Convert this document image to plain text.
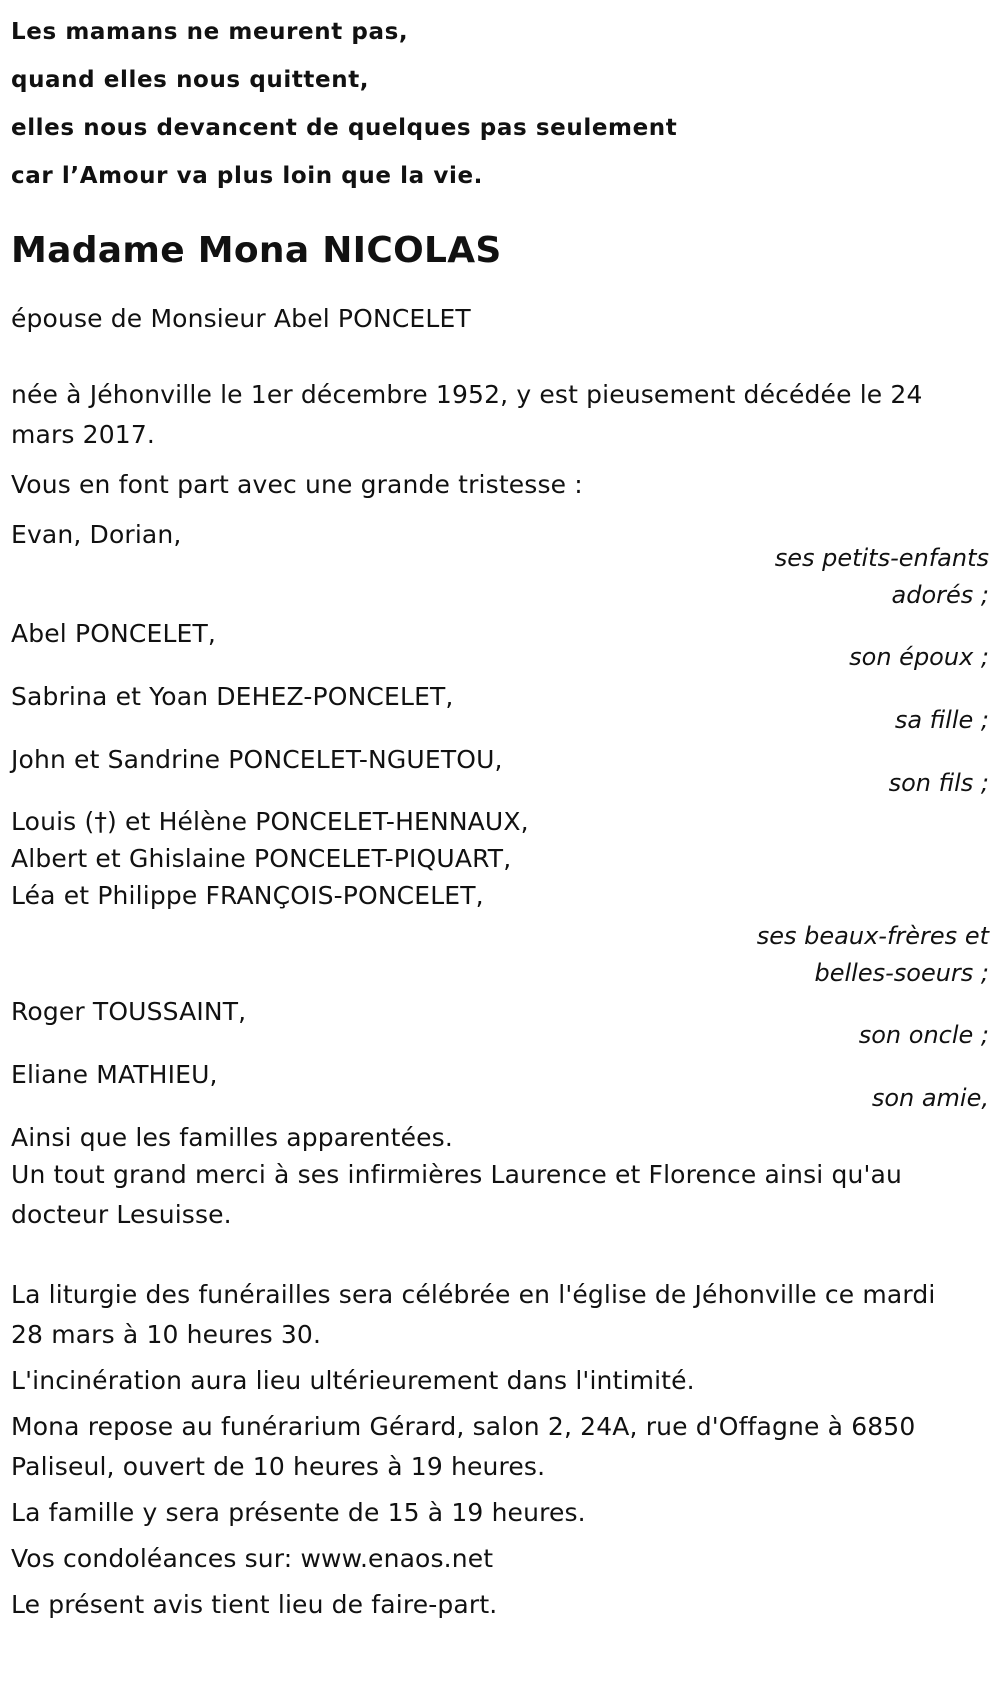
Les mamans ne meurent pas,
quand elles nous quittent,
elles nous devancent de quelques pas seulement
car l’Amour va plus loin que la vie.
Madame Mona NICOLAS
épouse de Monsieur Abel PONCELET
née à Jéhonville le 1er décembre 1952, y est pieusement décédée le 24 mars 2017.
Vous en font part avec une grande tristesse :
Evan, Dorian,
ses petits-enfants
adorés ;
Abel PONCELET,
son époux ;
Sabrina et Yoan DEHEZ-PONCELET,
sa fille ;
John et Sandrine PONCELET-NGUETOU,
son fils ;
Louis (†) et Hélène PONCELET-HENNAUX,
Albert et Ghislaine PONCELET-PIQUART,
Léa et Philippe FRANÇOIS-PONCELET,
ses beaux-frères et
belles-soeurs ;
Roger TOUSSAINT,
son oncle ;
Eliane MATHIEU,
son amie,
Ainsi que les familles apparentées.
Un tout grand merci à ses infirmières Laurence et Florence ainsi qu'au docteur Lesuisse.
La liturgie des funérailles sera célébrée en l'église de Jéhonville ce mardi 28 mars à 10 heures 30.
L'incinération aura lieu ultérieurement dans l'intimité.
Mona repose au funérarium Gérard, salon 2, 24A, rue d'Offagne à 6850 Paliseul, ouvert de 10 heures à 19 heures.
La famille y sera présente de 15 à 19 heures.
Vos condoléances sur: www.enaos.net
Le présent avis tient lieu de faire-part.
